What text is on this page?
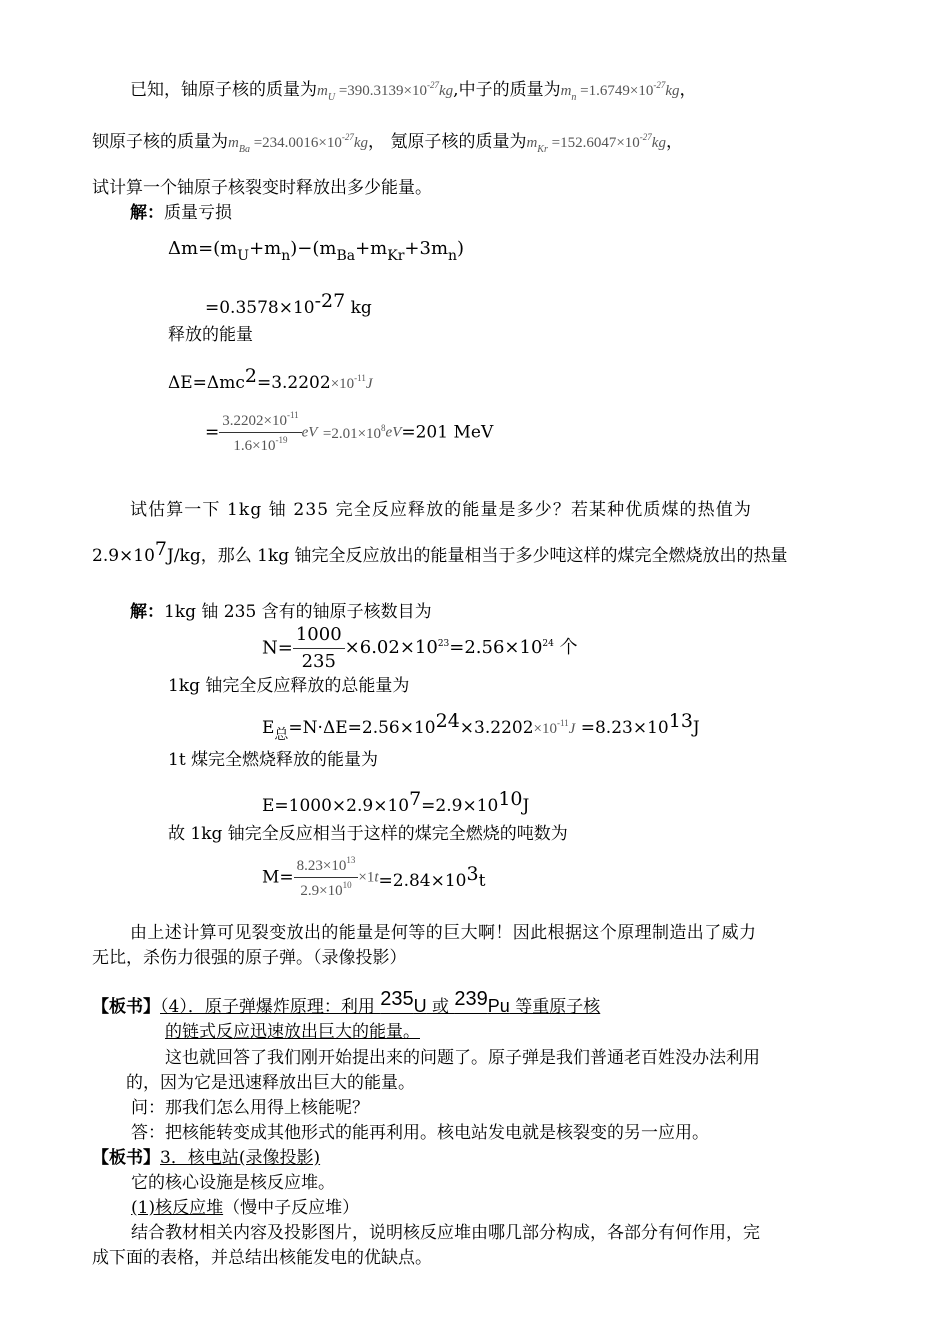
已知，铀原子核的质量为$m_U =390.3139\times 10^{-27}kg$,中子的质量为$m_n =1.6749\times 10^{-27}kg$，
钡原子核的质量为$m_{Ba} =234.0016\times 10^{-27}kg$， 氪原子核的质量为$m_{Kr} =152.6047\times 10^{-27}kg$，
试计算一个铀原子核裂变时释放出多少能量。
解：质量亏损
$\Delta m=(m_U+m_n)-(m_{Ba}+m_{Kr}+3m_n)$
=0.3578×10-27 kg
释放的能量
$\Delta E=\Delta mc2=3.2202\times 10^{-11}J$
= $\frac{3.2202\times 10^{-11}}{1.6\times 10^{-19}}$ eV $=2.01\times 10^8eV=201$ MeV
试估算一下 1kg 铀 235 完全反应释放的能量是多少？若某种优质煤的热值为
2.9×107J/kg，那么 1kg 铀完全反应放出的能量相当于多少吨这样的煤完全燃烧放出的热量
解：1kg 铀 235 含有的铀原子核数目为
$N= \frac{1000}{235} \times 6.02\times 10^{23}=2.56\times 10^{24}$ 个
1kg 铀完全反应释放的总能量为
$E_总=N\cdot\Delta E=2.56\times 1024\times 3.2202\times 10^{-11}J =8.23\times 1013J$
1t 煤完全燃烧释放的能量为
E=1000×2.9×107=2.9×1010J
故 1kg 铀完全反应相当于这样的煤完全燃烧的吨数为
$M= \frac{8.23\times 10^{13}}{2.9\times 10^{10}} \times 1t=2.84\times 103t$
由上述计算可见裂变放出的能量是何等的巨大啊！因此根据这个原理制造出了威力
无比，杀伤力很强的原子弹。（录像投影）
【板书】（4）．原子弹爆炸原理：利用 235U 或 239Pu 等重原子核
的链式反应迅速放出巨大的能量。
这也就回答了我们刚开始提出来的问题了。原子弹是我们普通老百姓没办法利用
的，因为它是迅速释放出巨大的能量。
问：那我们怎么用得上核能呢？
答：把核能转变成其他形式的能再利用。核电站发电就是核裂变的另一应用。
【板书】3．核电站(录像投影)
它的核心设施是核反应堆。
(1)核反应堆（慢中子反应堆）
结合教材相关内容及投影图片，说明核反应堆由哪几部分构成，各部分有何作用，完
成下面的表格，并总结出核能发电的优缺点。
